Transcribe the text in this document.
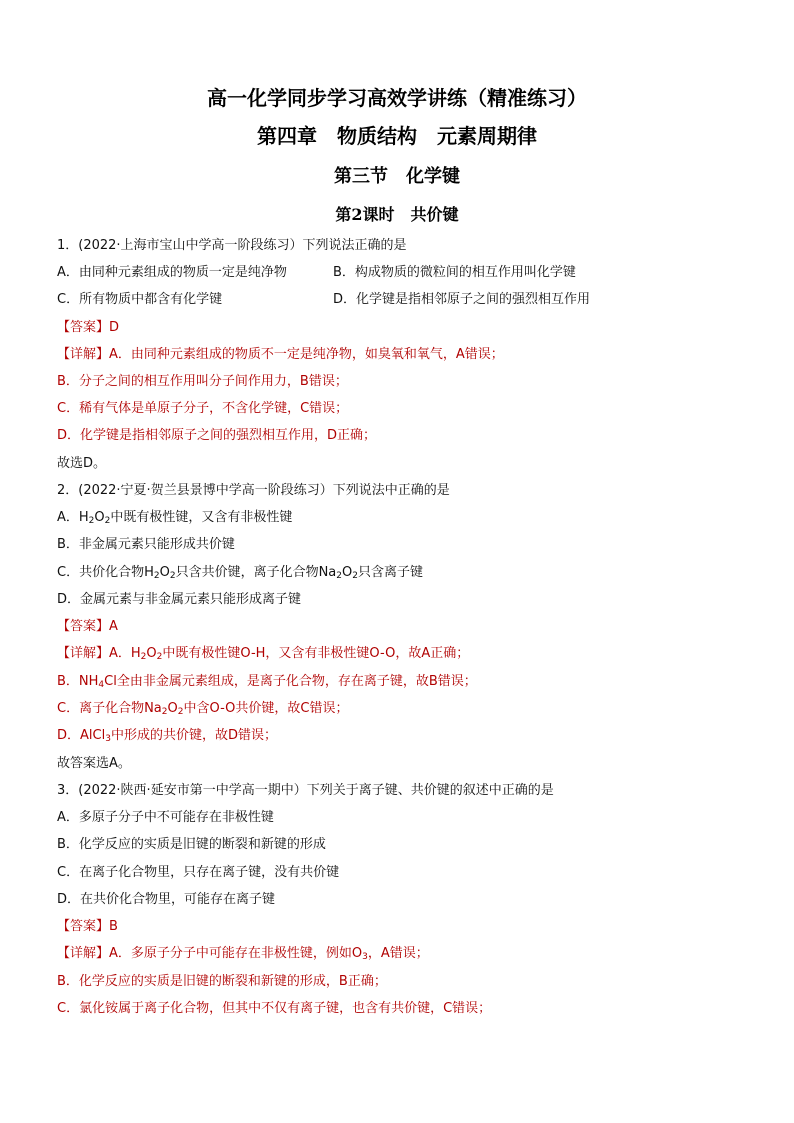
高一化学同步学习高效学讲练（精准练习）
第四章　物质结构　元素周期律
第三节　化学键
第2课时　共价键
1．(2022·上海市宝山中学高一阶段练习）下列说法正确的是
A．由同种元素组成的物质一定是纯净物	B．构成物质的微粒间的相互作用叫化学键
C．所有物质中都含有化学键	D．化学键是指相邻原子之间的强烈相互作用
【答案】D
【详解】A．由同种元素组成的物质不一定是纯净物，如臭氧和氧气，A错误；
B．分子之间的相互作用叫分子间作用力，B错误；
C．稀有气体是单原子分子，不含化学键，C错误；
D．化学键是指相邻原子之间的强烈相互作用，D正确；
故选D。
2．(2022·宁夏·贺兰县景博中学高一阶段练习）下列说法中正确的是
A．$H_2O_2$中既有极性键，又含有非极性键
B．非金属元素只能形成共价键
C．共价化合物$H_2O_2$只含共价键，离子化合物$Na_2O_2$只含离子键
D．金属元素与非金属元素只能形成离子键
【答案】A
【详解】A．$H_2O_2$中既有极性键O-H，又含有非极性键O-O，故A正确；
B．$NH_4Cl$全由非金属元素组成，是离子化合物，存在离子键，故B错误；
C．离子化合物$Na_2O_2$中含O-O共价键，故C错误；
D．AlCl$_3$中形成的共价键，故D错误；
故答案选A。
3．(2022·陕西·延安市第一中学高一期中）下列关于离子键、共价键的叙述中正确的是
A．多原子分子中不可能存在非极性键
B．化学反应的实质是旧键的断裂和新键的形成
C．在离子化合物里，只存在离子键，没有共价键
D．在共价化合物里，可能存在离子键
【答案】B
【详解】A．多原子分子中可能存在非极性键，例如$O_3$，A错误；
B．化学反应的实质是旧键的断裂和新键的形成，B正确；
C．氯化铵属于离子化合物，但其中不仅有离子键，也含有共价键，C错误；
